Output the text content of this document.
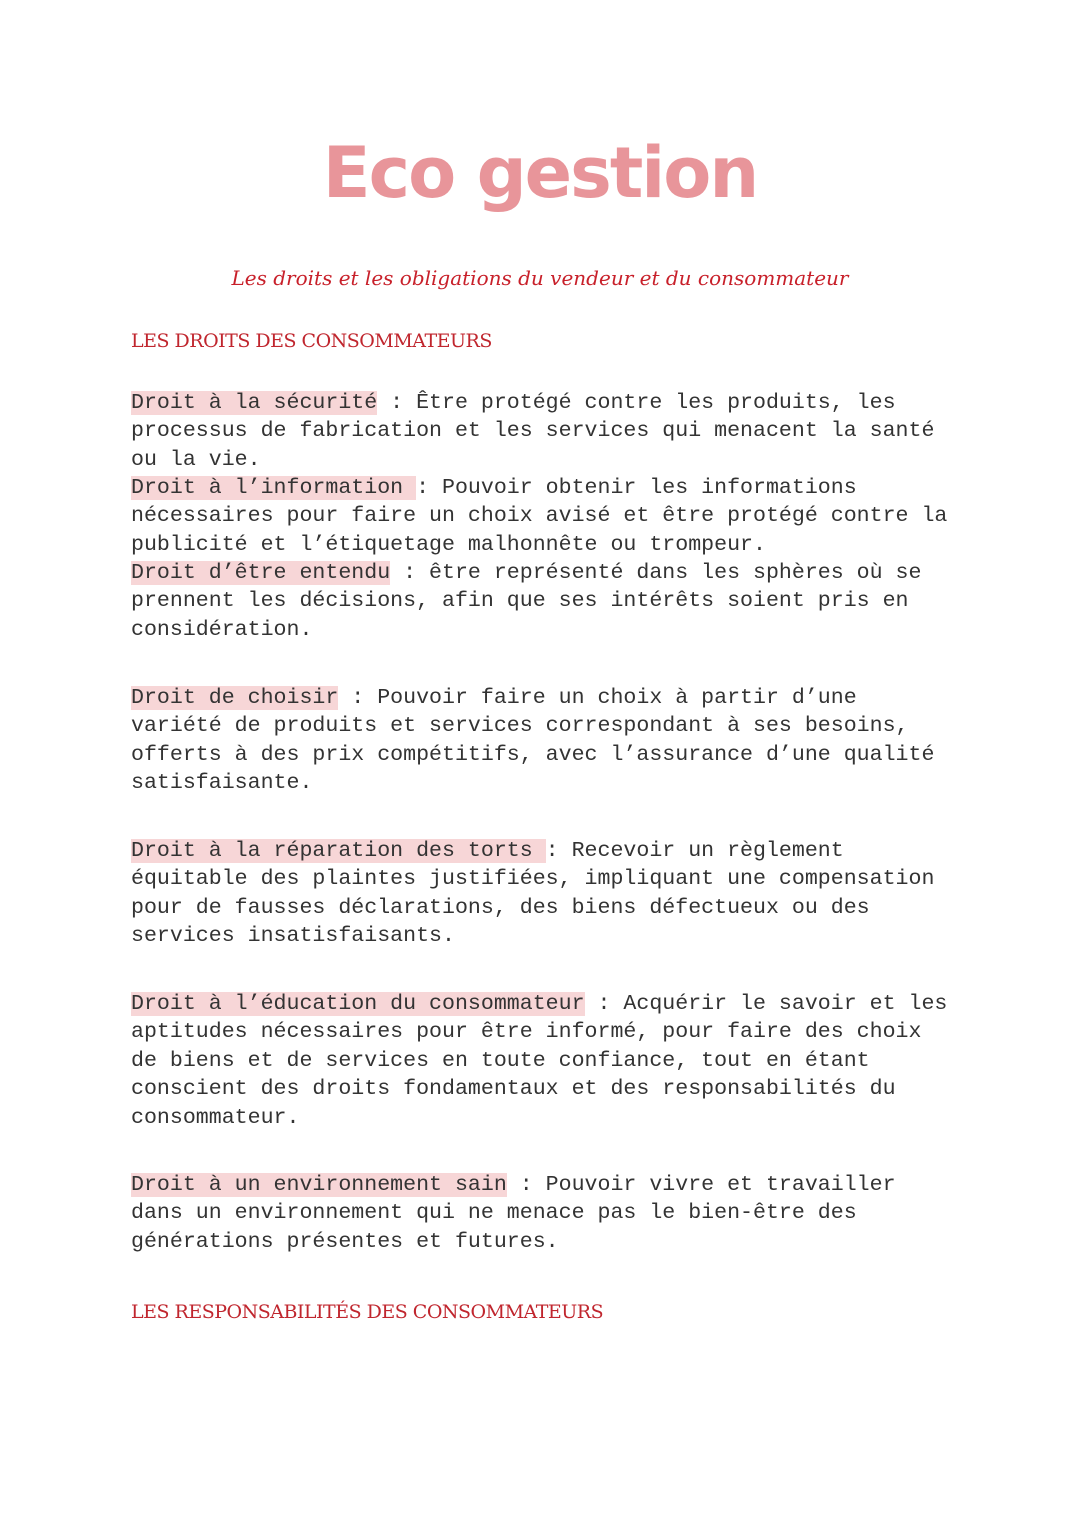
Eco gestion

Les droits et les obligations du vendeur et du consommateur

LES DROITS DES CONSOMMATEURS

Droit à la sécurité : Être protégé contre les produits, les processus de fabrication et les services qui menacent la santé ou la vie.

Droit à l’information : Pouvoir obtenir les informations nécessaires pour faire un choix avisé et être protégé contre la publicité et l’étiquetage malhonnête ou trompeur.

Droit d’être entendu : être représenté dans les sphères où se prennent les décisions, afin que ses intérêts soient pris en considération.

Droit de choisir : Pouvoir faire un choix à partir d’une variété de produits et services correspondant à ses besoins, offerts à des prix compétitifs, avec l’assurance d’une qualité satisfaisante.

Droit à la réparation des torts : Recevoir un règlement équitable des plaintes justifiées, impliquant une compensation pour de fausses déclarations, des biens défectueux ou des services insatisfaisants.

Droit à l’éducation du consommateur : Acquérir le savoir et les aptitudes nécessaires pour être informé, pour faire des choix de biens et de services en toute confiance, tout en étant conscient des droits fondamentaux et des responsabilités du consommateur.

Droit à un environnement sain : Pouvoir vivre et travailler dans un environnement qui ne menace pas le bien-être des générations présentes et futures.

LES RESPONSABILITÉS DES CONSOMMATEURS
